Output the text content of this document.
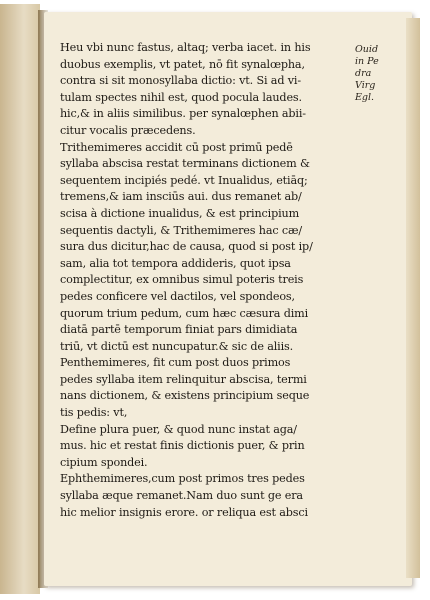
Heu vbi nunc fastus, altaq; verba iacet. in his
duobus exemplis, vt patet, nō fit synalœpha,
contra si sit monosyllaba dictio: vt. Si ad vi-
tulam spectes nihil est, quod pocula laudes.
hic,& in aliis similibus. per synalœphen abii-
citur vocalis præcedens.
Trithemimeres accidit cū post primū pedē
syllaba abscisa restat terminans dictionem &
sequentem incipiés pedé. vt Inualidus, etiāq;
tremens,& iam insciūs aui. dus remanet ab/
scisa à dictione inualidus, & est principium
sequentis dactyli, & Trithemimeres hac cæ/
sura dus dicitur,hac de causa, quod si post ip/
sam, alia tot tempora addideris, quot ipsa
complectitur, ex omnibus simul poteris treis
pedes conficere vel dactilos, vel spondeos,
quorum trium pedum, cum hæc cæsura dimi
diatā partē temporum finiat pars dimidiata
triū, vt dictū est nuncupatur.& sic de aliis.
Penthemimeres, fit cum post duos primos
pedes syllaba item relinquitur abscisa, termi
nans dictionem, & existens principium seque
tis pedis: vt,
Define plura puer, & quod nunc instat aga/
mus. hic et restat finis dictionis puer, & prin
cipium spondei.
Ephthemimeres,cum post primos tres pedes
syllaba æque remanet.Nam duo sunt ge era
hic melior insignis erore. or reliqua est absci
Ouid
in Pe
dra
Virg
Egl.
